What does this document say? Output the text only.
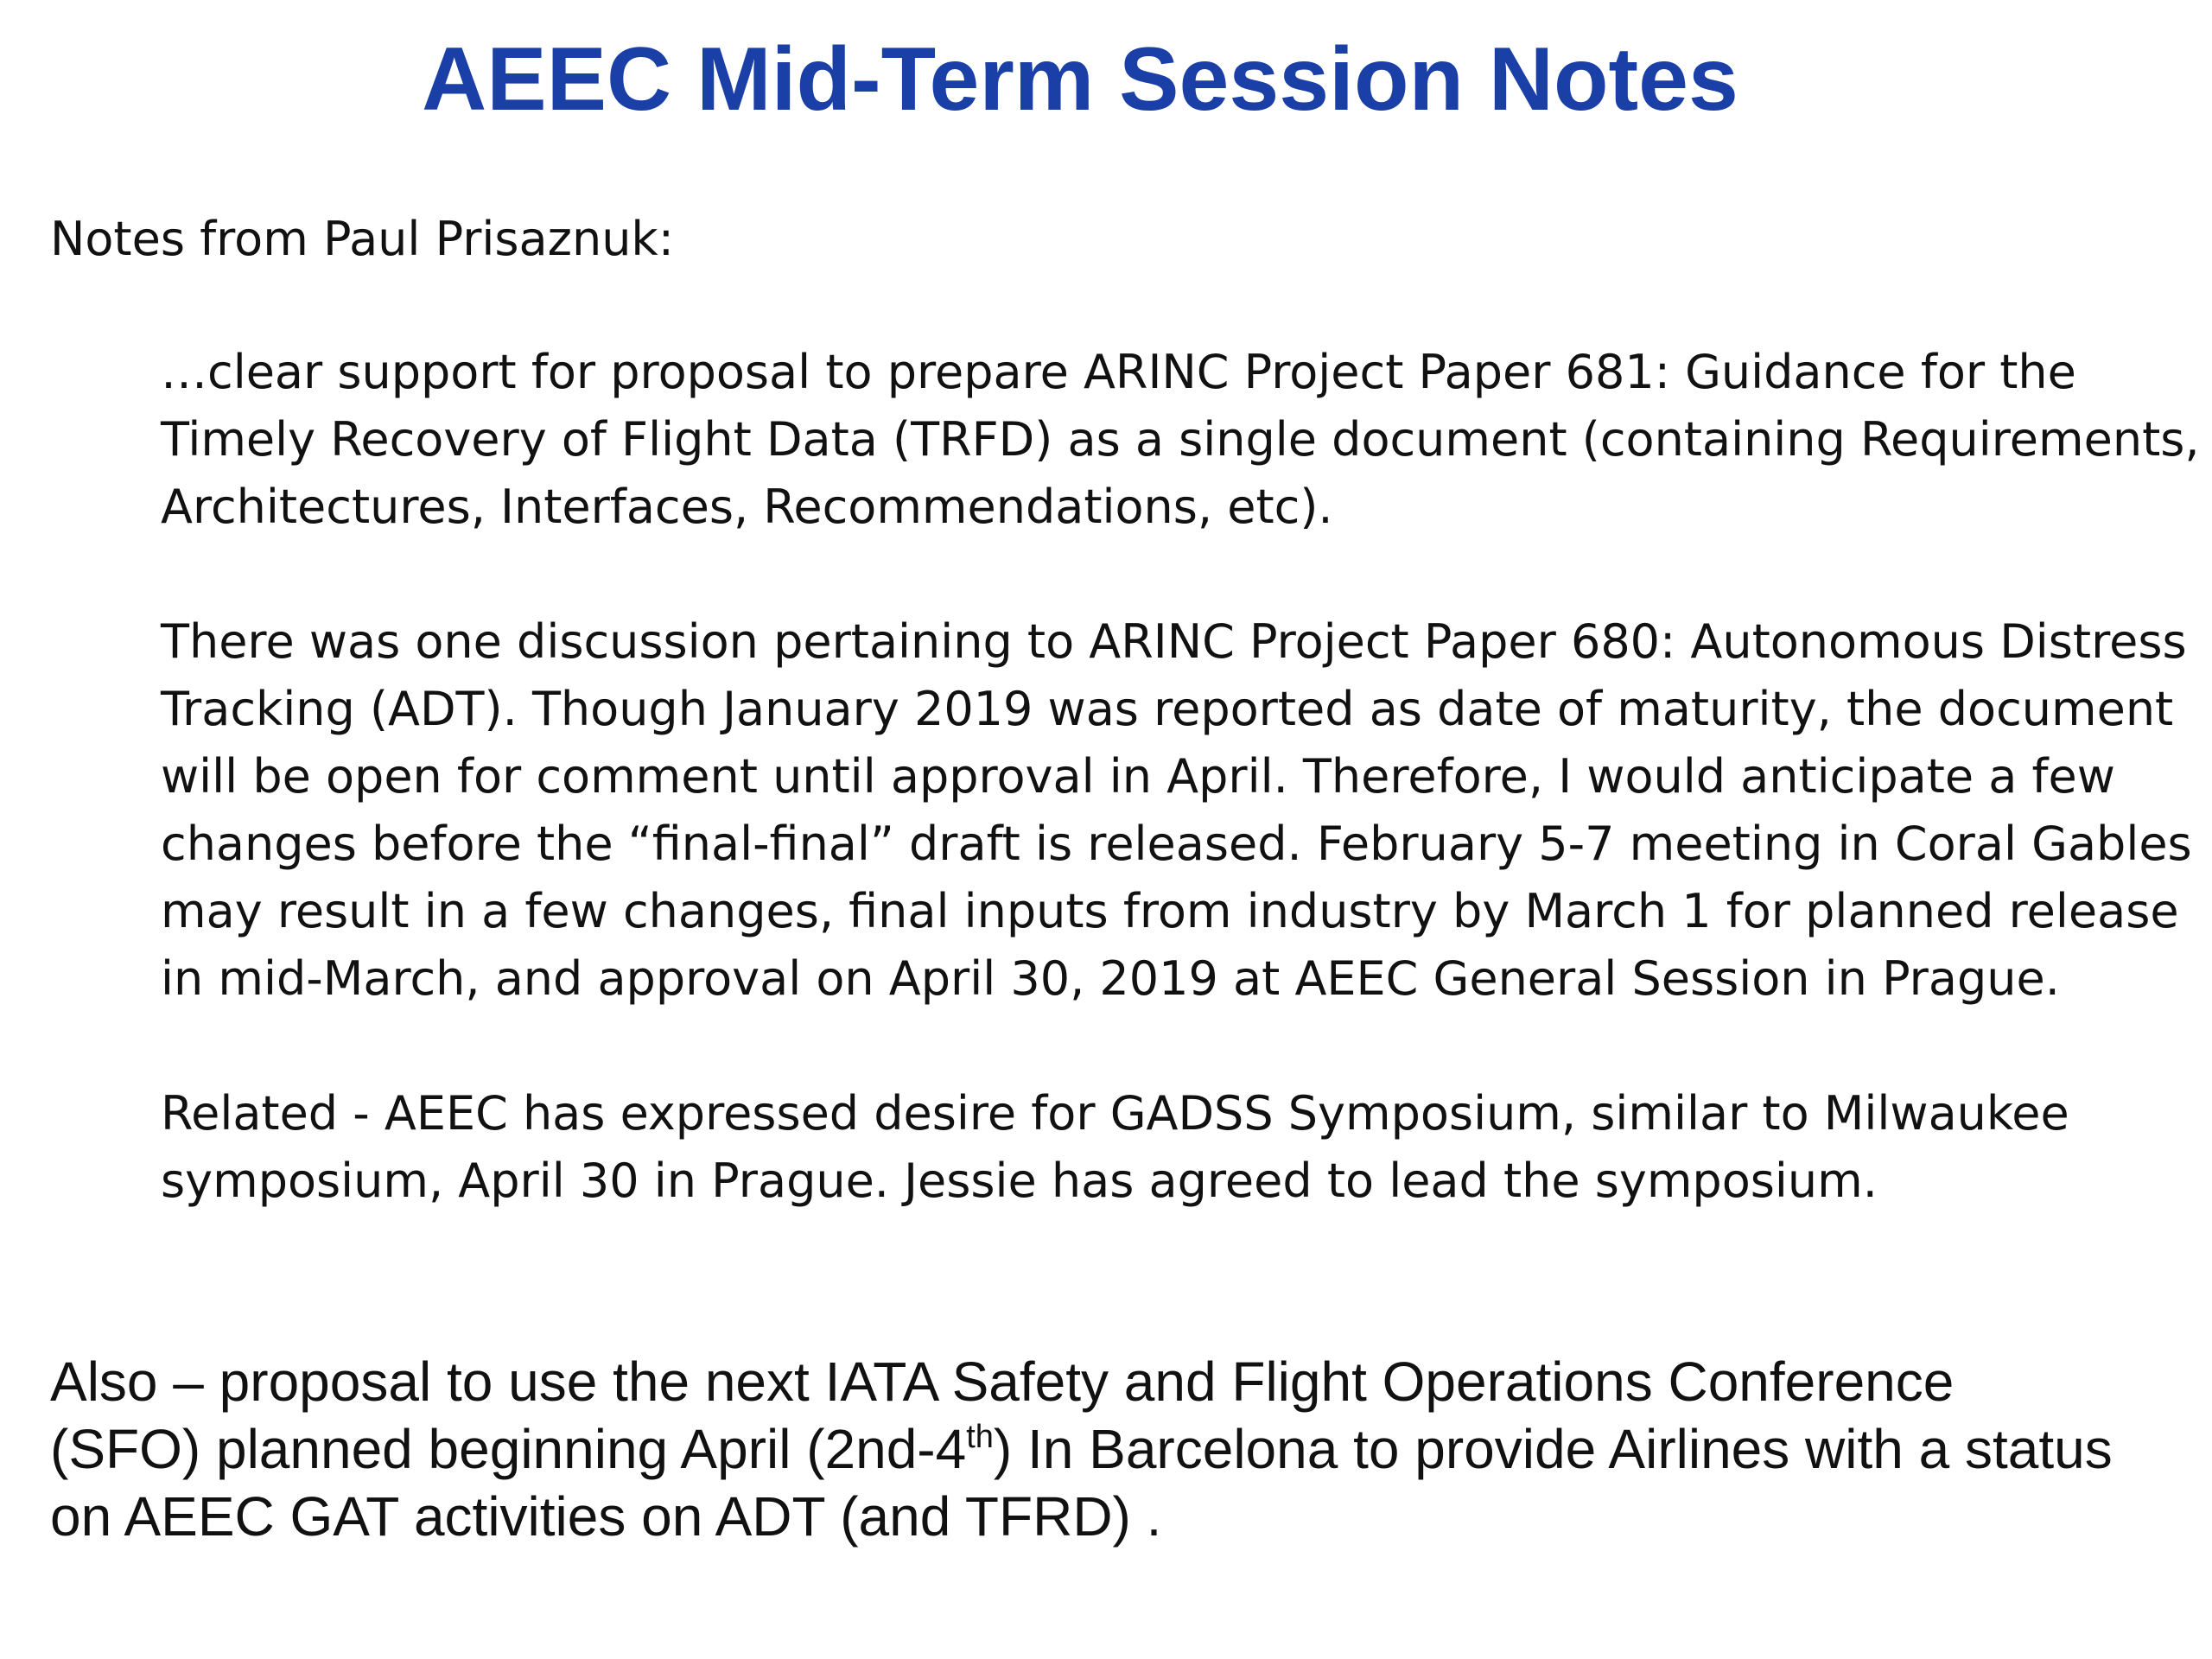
AEEC Mid-Term Session Notes
Notes from Paul Prisaznuk:
…clear support for proposal to prepare ARINC Project Paper 681: Guidance for the
Timely Recovery of Flight Data (TRFD) as a single document (containing Requirements,
Architectures, Interfaces, Recommendations, etc).
There was one discussion pertaining to ARINC Project Paper 680: Autonomous Distress
Tracking (ADT). Though January 2019 was reported as date of maturity, the document
will be open for comment until approval in April. Therefore, I would anticipate a few
changes before the “final-final” draft is released. February 5-7 meeting in Coral Gables
may result in a few changes, final inputs from industry by March 1 for planned release
in mid-March, and approval on April 30, 2019 at AEEC General Session in Prague.
Related - AEEC has expressed desire for GADSS Symposium, similar to Milwaukee
symposium, April 30 in Prague. Jessie has agreed to lead the symposium.
Also – proposal to use the next IATA Safety and Flight Operations Conference
(SFO) planned beginning April (2nd-4th) In Barcelona to provide Airlines with a status
on AEEC GAT activities on ADT (and TFRD) .
